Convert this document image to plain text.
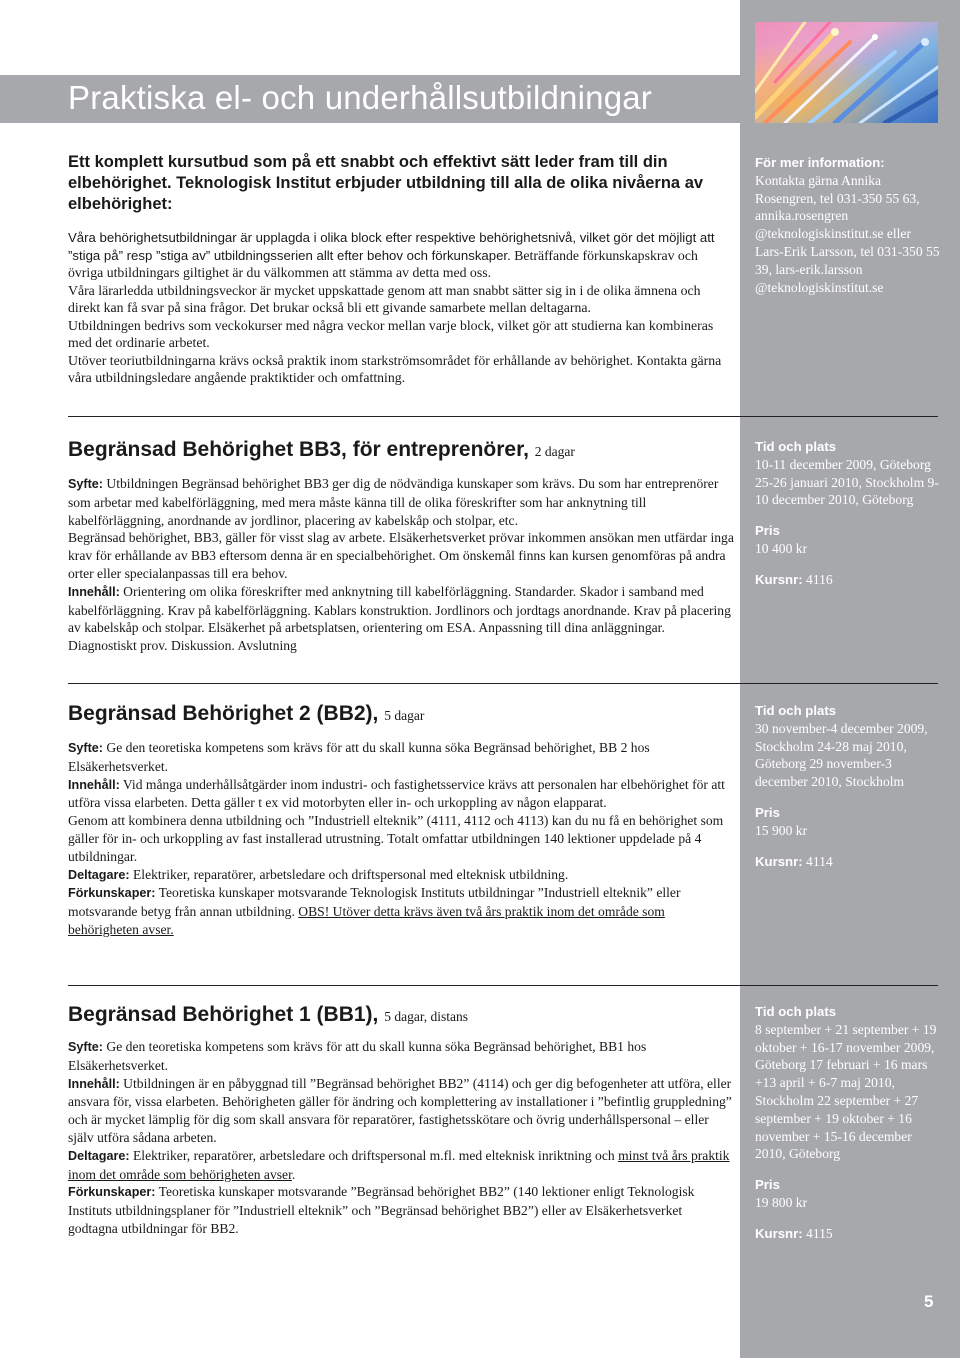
Praktiska el- och underhållsutbildningar
Ett komplett kursutbud som på ett snabbt och effektivt sätt leder fram till din elbehörighet. Teknologisk Institut erbjuder utbildning till alla de olika nivåerna av elbehörighet:
Våra behörighetsutbildningar är upplagda i olika block efter respektive behörighetsnivå, vilket gör det möjligt att ”stiga på” resp ”stiga av” utbildningsserien allt efter behov och förkunskaper. Beträffande förkunskapskrav och övriga utbildningars giltighet är du välkommen att stämma av detta med oss.
Våra lärarledda utbildningsveckor är mycket uppskattade genom att man snabbt sätter sig in i de olika ämnena och direkt kan få svar på sina frågor. Det brukar också bli ett givande samarbete mellan deltagarna.
Utbildningen bedrivs som veckokurser med några veckor mellan varje block, vilket gör att studierna kan kombineras med det ordinarie arbetet.
Utöver teoriutbildningarna krävs också praktik inom starkströmsområdet för erhållande av behörighet. Kontakta gärna våra utbildningsledare angående praktiktider och omfattning.
För mer information:
Kontakta gärna Annika Rosengren, tel 031-350 55 63, annika.rosengren @teknologiskinstitut.se eller Lars-Erik Larsson, tel 031-350 55 39, lars-erik.larsson @teknologiskinstitut.se
Begränsad Behörighet BB3, för entreprenörer, 2 dagar
Syfte: Utbildningen Begränsad behörighet BB3 ger dig de nödvändiga kunskaper som krävs. Du som har entreprenörer som arbetar med kabelförläggning, med mera måste känna till de olika föreskrifter som har anknytning till kabelförläggning, anordnande av jordlinor, placering av kabelskåp och stolpar, etc.
Begränsad behörighet, BB3, gäller för visst slag av arbete. Elsäkerhetsverket prövar inkommen ansökan men utfärdar inga krav för erhållande av BB3 eftersom denna är en specialbehörighet. Om önskemål finns kan kursen genomföras på andra orter eller specialanpassas till era behov.
Innehåll: Orientering om olika föreskrifter med anknytning till kabelförläggning. Standarder. Skador i samband med kabelförläggning. Krav på kabelförläggning. Kablars konstruktion. Jordlinors och jordtags anordnande. Krav på placering av kabelskåp och stolpar. Elsäkerhet på arbetsplatsen, orientering om ESA. Anpassning till dina anläggningar. Diagnostiskt prov. Diskussion. Avslutning
Tid och plats
10-11 december 2009, Göteborg 25-26 januari 2010, Stockholm 9-10 december 2010, Göteborg
Pris
10 400 kr
Kursnr: 4116
Begränsad Behörighet 2 (BB2), 5 dagar
Syfte: Ge den teoretiska kompetens som krävs för att du skall kunna söka Begränsad behörighet, BB 2 hos Elsäkerhetsverket.
Innehåll: Vid många underhållsåtgärder inom industri- och fastighetsservice krävs att personalen har elbehörighet för att utföra vissa elarbeten. Detta gäller t ex vid motorbyten eller in- och urkoppling av någon elapparat.
Genom att kombinera denna utbildning och ”Industriell elteknik” (4111, 4112 och 4113) kan du nu få en behörighet som gäller för in- och urkoppling av fast installerad utrustning. Totalt omfattar utbildningen 140 lektioner uppdelade på 4 utbildningar.
Deltagare: Elektriker, reparatörer, arbetsledare och driftspersonal med elteknisk utbildning.
Förkunskaper: Teoretiska kunskaper motsvarande Teknologisk Instituts utbildningar ”Industriell elteknik” eller motsvarande betyg från annan utbildning. OBS! Utöver detta krävs även två års praktik inom det område som behörigheten avser.
Tid och plats
30 november-4 december 2009, Stockholm 24-28 maj 2010, Göteborg 29 november-3 december 2010, Stockholm
Pris
15 900 kr
Kursnr: 4114
Begränsad Behörighet 1 (BB1), 5 dagar, distans
Syfte: Ge den teoretiska kompetens som krävs för att du skall kunna söka Begränsad behörighet, BB1 hos Elsäkerhetsverket.
Innehåll: Utbildningen är en påbyggnad till ”Begränsad behörighet BB2” (4114) och ger dig befogenheter att utföra, eller ansvara för, vissa elarbeten. Behörigheten gäller för ändring och komplettering av installationer i ”befintlig gruppledning” och är mycket lämplig för dig som skall ansvara för reparatörer, fastighetsskötare och övrig underhållspersonal – eller själv utföra sådana arbeten.
Deltagare: Elektriker, reparatörer, arbetsledare och driftspersonal m.fl. med elteknisk inriktning och minst två års praktik inom det område som behörigheten avser.
Förkunskaper: Teoretiska kunskaper motsvarande ”Begränsad behörighet BB2” (140 lektioner enligt Teknologisk Instituts utbildningsplaner för ”Industriell elteknik” och ”Begränsad behörighet BB2”) eller av Elsäkerhetsverket godtagna utbildningar för BB2.
Tid och plats
8 september + 21 september + 19 oktober + 16-17 november 2009, Göteborg 17 februari + 16 mars +13 april + 6-7 maj 2010, Stockholm 22 september + 27 september + 19 oktober + 16 november + 15-16 december 2010, Göteborg
Pris
19 800 kr
Kursnr: 4115
5
